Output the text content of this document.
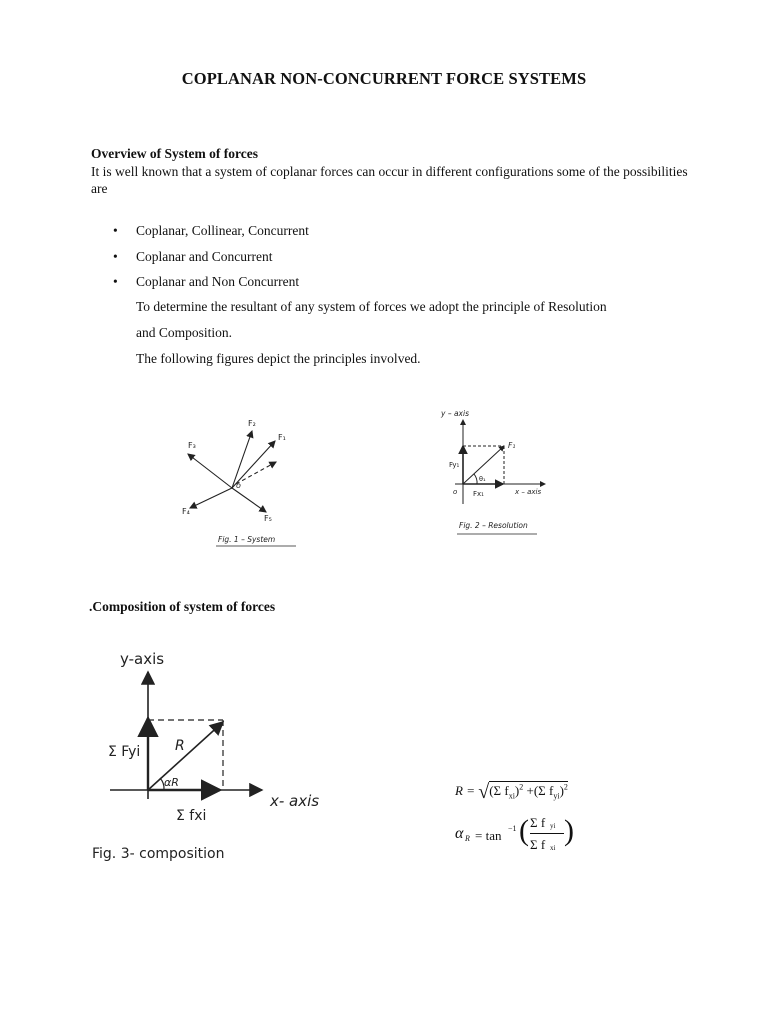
COPLANAR NON-CONCURRENT FORCE SYSTEMS
Overview of System of forces
It is well known that a system of coplanar forces can occur in different configurations some of the possibilities are
• Coplanar, Collinear, Concurrent
• Coplanar and Concurrent
• Coplanar and Non Concurrent
To determine the resultant of any system of forces we adopt the principle of Resolution
and Composition.
The following figures depict the principles involved.
F₁
F₂
F₃
F₄
F₅
o
Fig. 1 – System
y – axis
F₁
Fy₁
θ₁
Fx₁	x – axis
o
Fig. 2 – Resolution
.Composition of system of forces
y-axis
R
Σ Fyi
αR
Σ fxi
x- axis
Fig. 3- composition
R = √(Σ $f_{xi})^2 +(\Sigma$ $f_{yi})^2$
α R = tan −1 ( Σ f yi
Σ f xi
)
